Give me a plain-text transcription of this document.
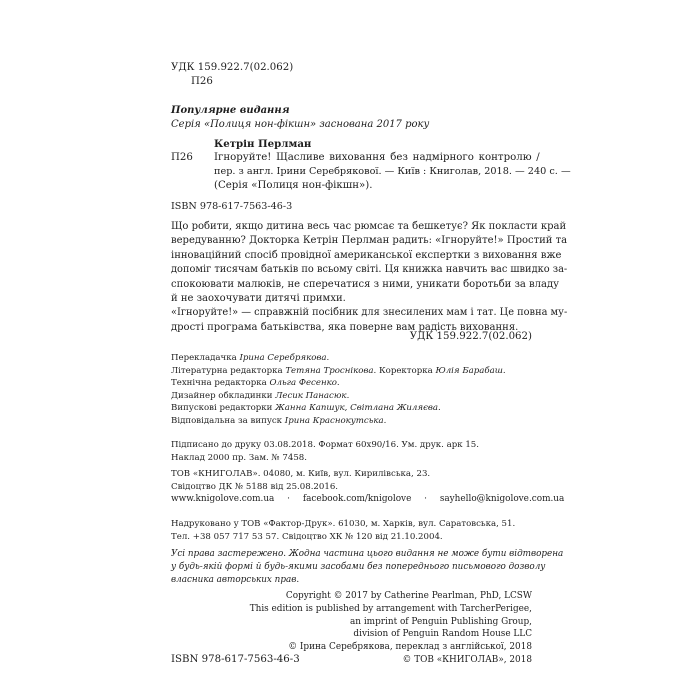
УДК 159.922.7(02.062)
П26
Популярне видання
Серія «Полиця нон-фікшн» заснована 2017 року
Кетрін Перлман
П26 Ігноруйте! Щасливе виховання без надмірного контролю /
пер. з англ. Ірини Серебрякової. — Київ : Книголав, 2018. — 240 с. —
(Серія «Полиця нон-фікшн»).
ISBN 978-617-7563-46-3

Що робити, якщо дитина весь час рюмсає та бешкетує? Як покласти край

вередуванню? Докторка Кетрін Перлман радить: «Ігноруйте!» Простий та

інноваційний спосіб провідної американської експертки з виховання вже

допоміг тисячам батьків по всьому світі. Ця книжка навчить вас швидко за-

спокоювати малюків, не сперечатися з ними, уникати боротьби за владу

й не заохочувати дитячі примхи.

«Ігноруйте!» — справжній посібник для знесилених мам і тат. Це повна му-

дрості програма батьківства, яка поверне вам радість виховання.

УДК 159.922.7(02.062)
Перекладачка Ірина Серебрякова.
Літературна редакторка Тетяна Троснікова. Коректорка Юлія Барабаш.
Технічна редакторка Ольга Фесенко.
Дизайнер обкладинки Лесик Панасюк.
Випускові редакторки Жанна Капшук, Світлана Жиляєва.
Відповідальна за випуск Ірина Краснокутська.
Підписано до друку 03.08.2018. Формат 60х90/16. Ум. друк. арк 15.
Наклад 2000 пр. Зам. № 7458.
ТОВ «КНИГОЛАВ». 04080, м. Київ, вул. Кирилівська, 23.
Свідоцтво ДК № 5188 від 25.08.2016.
www.knigolove.com.ua · facebook.com/knigolove · sayhello@knigolove.com.ua
Надруковано у ТОВ «Фактор-Друк». 61030, м. Харків, вул. Саратовська, 51.
Тел. +38 057 717 53 57. Свідоцтво ХК № 120 від 21.10.2004.
Усі права застережено. Жодна частина цього видання не може бути відтворена
у будь-якій формі й будь-якими засобами без попереднього письмового дозволу
власника авторських прав.
Copyright © 2017 by Catherine Pearlman, PhD, LCSW
This edition is published by arrangement with TarcherPerigee,
an imprint of Penguin Publishing Group,
division of Penguin Random House LLC
© Ірина Серебрякова, переклад з англійської, 2018
© ТОВ «КНИГОЛАВ», 2018
ISBN 978-617-7563-46-3
